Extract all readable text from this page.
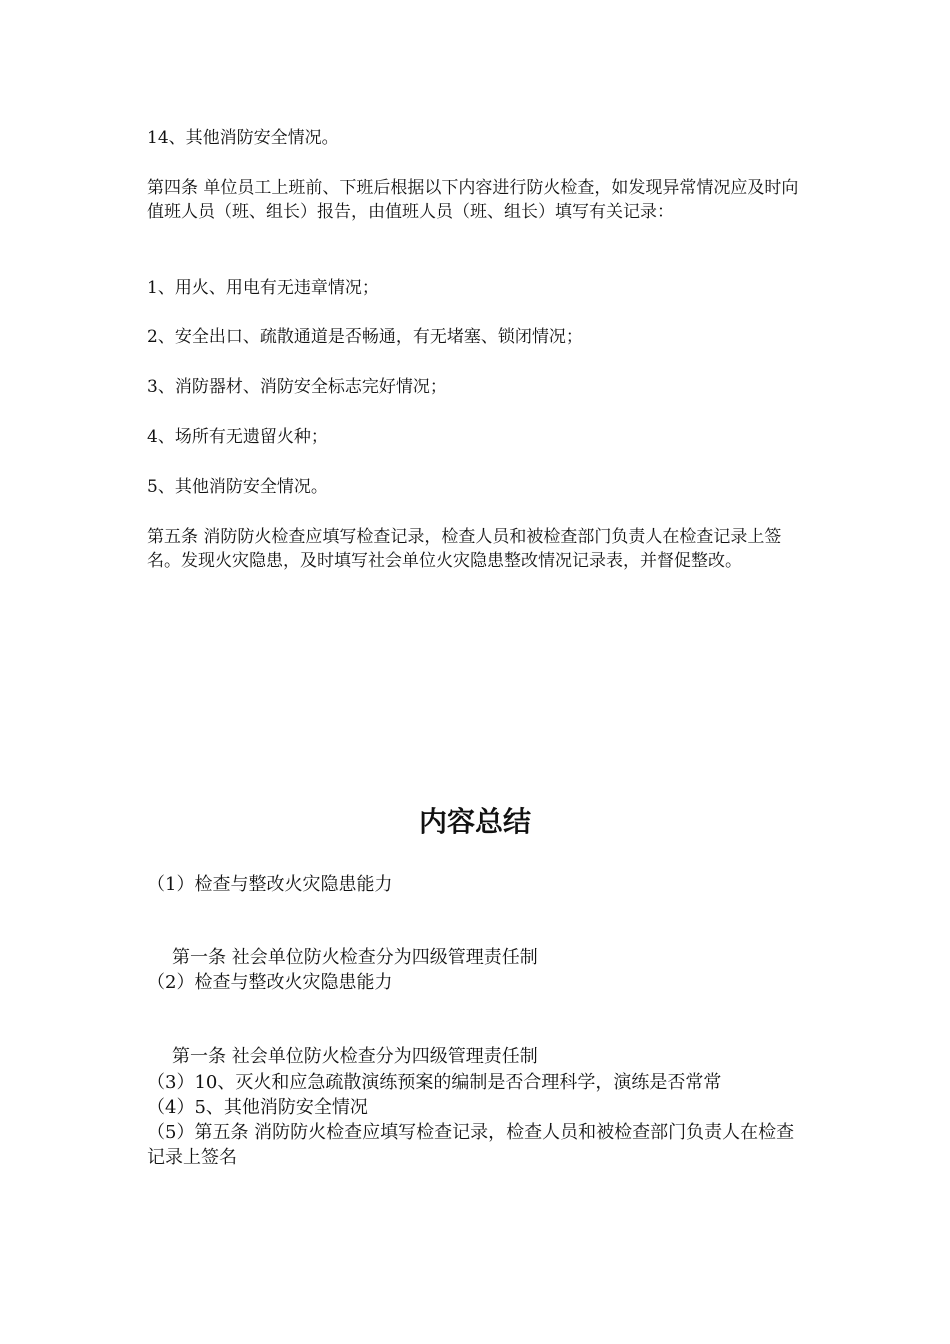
14、其他消防安全情况。

第四条 单位员工上班前、下班后根据以下内容进行防火检查，如发现异常情况应及时向值班人员（班、组长）报告，由值班人员（班、组长）填写有关记录：

1、用火、用电有无违章情况；

2、安全出口、疏散通道是否畅通，有无堵塞、锁闭情况；

3、消防器材、消防安全标志完好情况；

4、场所有无遗留火种；

5、其他消防安全情况。

第五条 消防防火检查应填写检查记录，检查人员和被检查部门负责人在检查记录上签名。发现火灾隐患，及时填写社会单位火灾隐患整改情况记录表，并督促整改。

内容总结

（1）检查与整改火灾隐患能力

第一条 社会单位防火检查分为四级管理责任制

（2）检查与整改火灾隐患能力

第一条 社会单位防火检查分为四级管理责任制

（3）10、灭火和应急疏散演练预案的编制是否合理科学，演练是否常常

（4）5、其他消防安全情况

（5）第五条 消防防火检查应填写检查记录，检查人员和被检查部门负责人在检查记录上签名
